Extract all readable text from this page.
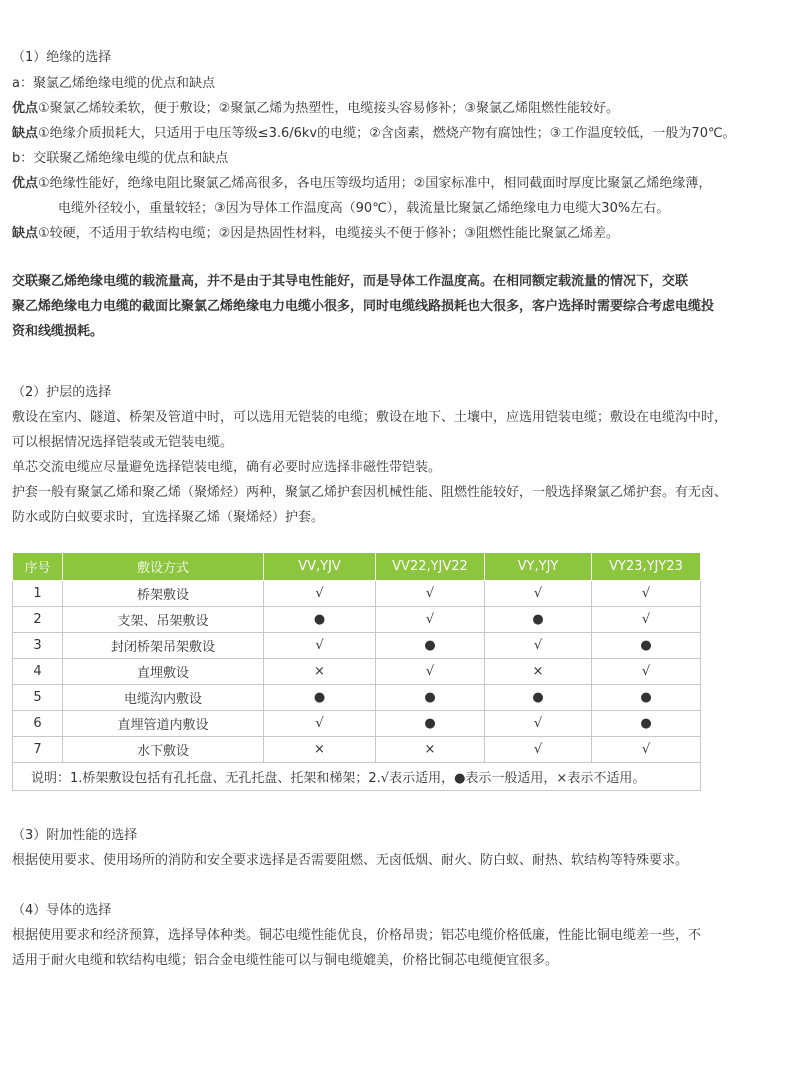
（1）绝缘的选择
a：聚氯乙烯绝缘电缆的优点和缺点
优点①聚氯乙烯较柔软，便于敷设；②聚氯乙烯为热塑性，电缆接头容易修补；③聚氯乙烯阻燃性能较好。
缺点①绝缘介质损耗大，只适用于电压等级≤3.6/6kv的电缆；②含卤素，燃烧产物有腐蚀性；③工作温度较低，一般为70℃。
b：交联聚乙烯绝缘电缆的优点和缺点
优点①绝缘性能好，绝缘电阻比聚氯乙烯高很多，各电压等级均适用；②国家标准中，相同截面时厚度比聚氯乙烯绝缘薄，
电缆外径较小，重量较轻；③因为导体工作温度高（90℃），载流量比聚氯乙烯绝缘电力电缆大30%左右。
缺点①较硬，不适用于软结构电缆；②因是热固性材料，电缆接头不便于修补；③阻燃性能比聚氯乙烯差。
交联聚乙烯绝缘电缆的载流量高，并不是由于其导电性能好，而是导体工作温度高。在相同额定载流量的情况下，交联
聚乙烯绝缘电力电缆的截面比聚氯乙烯绝缘电力电缆小很多，同时电缆线路损耗也大很多，客户选择时需要综合考虑电缆投
资和线缆损耗。
（2）护层的选择
敷设在室内、隧道、桥架及管道中时，可以选用无铠装的电缆；敷设在地下、土壤中，应选用铠装电缆；敷设在电缆沟中时，
可以根据情况选择铠装或无铠装电缆。
单芯交流电缆应尽量避免选择铠装电缆，确有必要时应选择非磁性带铠装。
护套一般有聚氯乙烯和聚乙烯（聚烯烃）两种，聚氯乙烯护套因机械性能、阻燃性能较好，一般选择聚氯乙烯护套。有无卤、
防水或防白蚁要求时，宜选择聚乙烯（聚烯烃）护套。
序号	敷设方式	VV,YJV	VV22,YJV22	VY,YJY	VY23,YJY23
1	桥架敷设	√	√	√	√
2	支架、吊架敷设	●	√	●	√
3	封闭桥架吊架敷设	√	●	√	●
4	直埋敷设	×	√	×	√
5	电缆沟内敷设	●	●	●	●
6	直埋管道内敷设	√	●	√	●
7	水下敷设	×	×	√	√
说明：1.桥架敷设包括有孔托盘、无孔托盘、托架和梯架；2.√表示适用，●表示一般适用，×表示不适用。					
（3）附加性能的选择
根据使用要求、使用场所的消防和安全要求选择是否需要阻燃、无卤低烟、耐火、防白蚁、耐热、软结构等特殊要求。
（4）导体的选择
根据使用要求和经济预算，选择导体种类。铜芯电缆性能优良，价格昂贵；铝芯电缆价格低廉，性能比铜电缆差一些，不
适用于耐火电缆和软结构电缆；铝合金电缆性能可以与铜电缆媲美，价格比铜芯电缆便宜很多。
